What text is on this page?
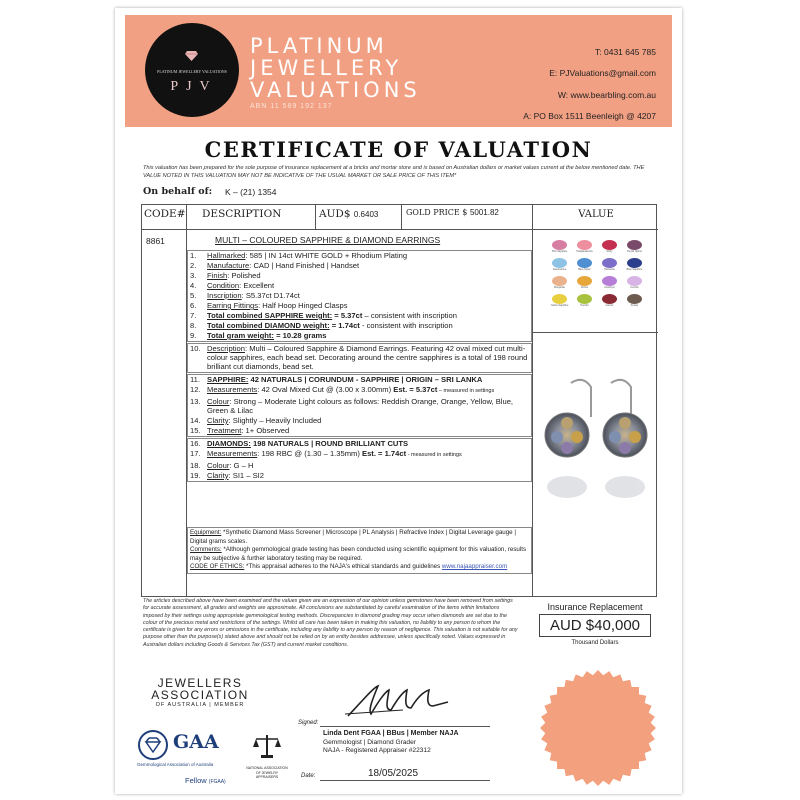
PLATINUM JEWELLERY VALUATIONS
PJV
PLATINUM
JEWELLERY
VALUATIONS
ABN 11 589 192 137
T: 0431 645 785
E: PJValuations@gmail.com
W: www.bearbling.com.au
A: PO Box 1511 Beenleigh @ 4207
CERTIFICATE OF VALUATION
This valuation has been prepared for the sole purpose of insurance replacement at a bricks and mortar store and is based on Australian dollars or market values current at the below mentioned date. THE VALUE NOTED IN THIS VALUATION MAY NOT BE INDICATIVE OF THE USUAL MARKET OR SALE PRICE OF THIS ITEM*
On behalf of: K – (21) 1354
CODE# DESCRIPTION	AUD$ 0.6403	GOLD PRICE $ 5001.82	VALUE
8861	MULTI – COLOURED SAPPHIRE & DIAMOND EARRINGS
1.	Hallmarked: 585 | IN 14ct WHITE GOLD + Rhodium Plating
2.	Manufacture: CAD | Hand Finished | Handset
3.	Finish: Polished
4.	Condition: Excellent
5.	Inscription: S5.37ct D1.74ct
6.	Earring Fittings: Half Hoop Hinged Clasps
7.	Total combined SAPPHIRE weight: = 5.37ct – consistent with inscription
8.	Total combined DIAMOND weight: = 1.74ct - consistent with inscription
9.	Total gram weight: = 10.28 grams
10. Description: Multi – Coloured Sapphire & Diamond Earrings. Featuring 42 oval mixed cut multi-colour sapphires, each bead set. Decorating around the centre sapphires is a total of 198 round brilliant cut diamonds, bead set.
11. SAPPHIRE: 42 NATURALS | CORUNDUM - SAPPHIRE | ORIGIN – SRI LANKA
12. Measurements: 42 Oval Mixed Cut @ (3.00 x 3.00mm) Est. = 5.37ct – measured in settings
13. Colour: Strong – Moderate Light colours as follows: Reddish Orange, Orange, Yellow, Blue, Green & Lilac
14. Clarity: Slightly – Heavily Included
15. Treatment: 1+ Observed
16. DIAMONDS: 198 NATURALS | ROUND BRILLIANT CUTS
17. Measurements: 198 RBC @ (1.30 – 1.35mm) Est. = 1.74ct - measured in settings
18. Colour: G – H
19. Clarity: SI1 – SI2
Equipment: *Synthetic Diamond Mass Screener | Microscope | PL Analysis | Refractive Index | Digital Leverage gauge | Digital grams scales.
Comments: *Although gemmological grade testing has been conducted using scientific equipment for this valuation, results may be subjective & further laboratory testing may be required.
CODE OF ETHICS: *This appraisal adheres to the NAJA's ethical standards and guidelines www.najaappraiser.com
Pink Sapphire	Padparadscha	Ruby	Purple Spinel
Aquamarine	Blue Topaz	Tanzanite	Blue Sapphire
Morganite	Citrine	Amethyst	Kunzite
Yellow Sapphire	Peridot	Garnet	Smoky
The articles described above have been examined and the values given are an expression of our opinion unless gemstones have been removed from settings for accurate assessment, all grades and weights are approximate. All conclusions are substantiated by careful examination of the items within limitations imposed by their settings using appropriate gemmological testing methods. Discrepancies in diamond grading may occur when diamonds are set due to the colour of the precious metal and restrictions of the settings. Whilst all care has been taken in making this valuation, no liability to any person to whom the certificate is given for any errors or omissions in the certificate, including any liability to any person by reason of negligence. This valuation is not suitable for any purpose other than the purpose(s) stated above and should not be relied on by an entity besides addressee, unless specifically noted. Values expressed in Australian dollars including Goods & Services Tax (GST) and current market conditions.
Insurance Replacement
AUD $40,000
Thousand Dollars
JEWELLERS
ASSOCIATION
OF AUSTRALIA | MEMBER
GAA
Gemmological Association of Australia
Fellow (FGAA)
NATIONAL ASSOCIATION OF JEWELRY APPRAISERS
Signed:
Linda Dent FGAA | BBus | Member NAJA
Gemmologist | Diamond Grader
NAJA - Registered Appraiser #22312
Date:	18/05/2025
